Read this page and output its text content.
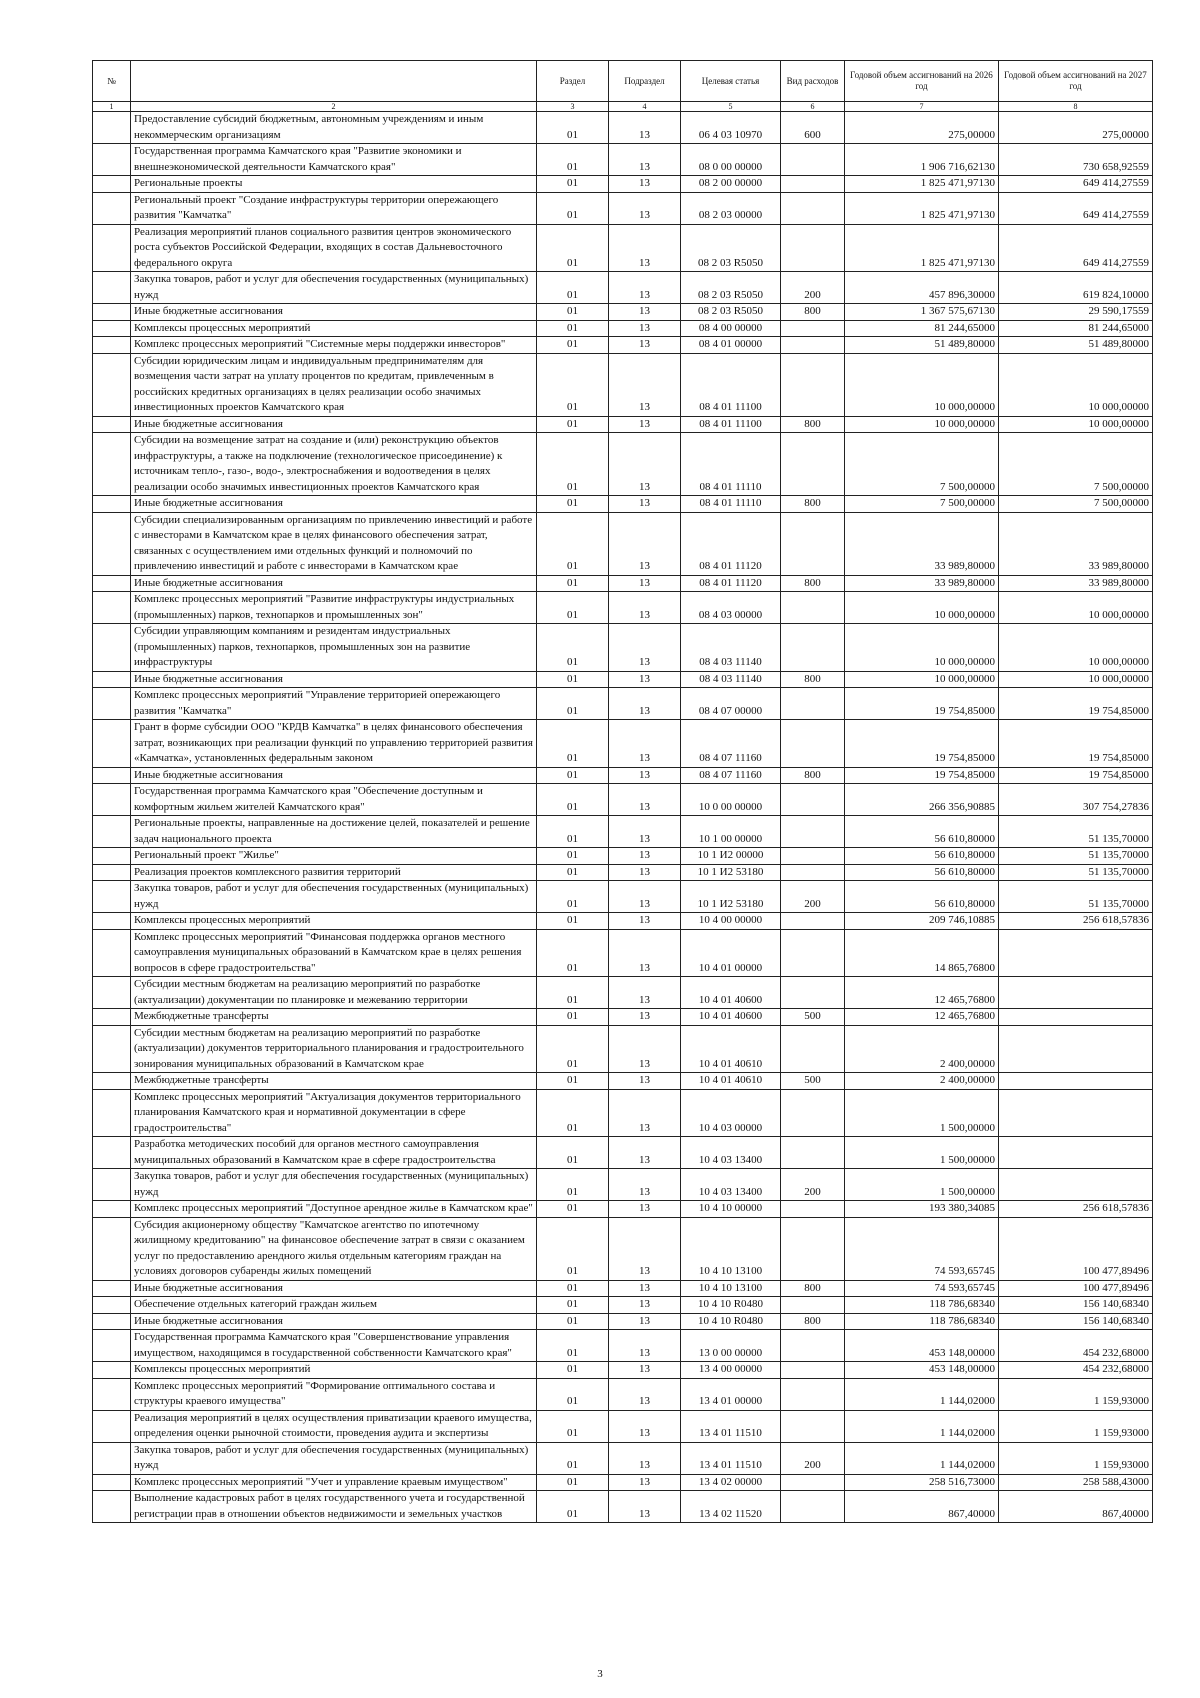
№		Раздел	Подраздел	Целевая статья	Вид расходов	Годовой объем ассигнований на 2026 год	Годовой объем ассигнований на 2027 год
1	2	3	4	5	6	7	8
	Предоставление субсидий бюджетным, автономным учреждениям и иным некоммерческим организациям	01	13	06 4 03 10970	600	275,00000	275,00000
	Государственная программа Камчатского края "Развитие экономики и внешнеэкономической деятельности Камчатского края"	01	13	08 0 00 00000		1 906 716,62130	730 658,92559
	Региональные проекты	01	13	08 2 00 00000		1 825 471,97130	649 414,27559
	Региональный проект "Создание инфраструктуры территории опережающего развития "Камчатка"	01	13	08 2 03 00000		1 825 471,97130	649 414,27559
	Реализация мероприятий планов социального развития центров экономического роста субъектов Российской Федерации, входящих в состав Дальневосточного федерального округа	01	13	08 2 03 R5050		1 825 471,97130	649 414,27559
	Закупка товаров, работ и услуг для обеспечения государственных (муниципальных) нужд	01	13	08 2 03 R5050	200	457 896,30000	619 824,10000
	Иные бюджетные ассигнования	01	13	08 2 03 R5050	800	1 367 575,67130	29 590,17559
	Комплексы процессных мероприятий	01	13	08 4 00 00000		81 244,65000	81 244,65000
	Комплекс процессных мероприятий "Системные меры поддержки инвесторов"	01	13	08 4 01 00000		51 489,80000	51 489,80000
	Субсидии юридическим лицам и индивидуальным предпринимателям для возмещения части затрат на уплату процентов по кредитам, привлеченным в российских кредитных организациях в целях реализации особо значимых инвестиционных проектов Камчатского края	01	13	08 4 01 11100		10 000,00000	10 000,00000
	Иные бюджетные ассигнования	01	13	08 4 01 11100	800	10 000,00000	10 000,00000
	Субсидии на возмещение затрат на создание и (или) реконструкцию объектов инфраструктуры, а также на подключение (технологическое присоединение) к источникам тепло-, газо-, водо-, электроснабжения и водоотведения в целях реализации особо значимых инвестиционных проектов Камчатского края	01	13	08 4 01 11110		7 500,00000	7 500,00000
	Иные бюджетные ассигнования	01	13	08 4 01 11110	800	7 500,00000	7 500,00000
	Субсидии специализированным организациям по привлечению инвестиций и работе с инвесторами в Камчатском крае в целях финансового обеспечения затрат, связанных с осуществлением ими отдельных функций и полномочий по привлечению инвестиций и работе с инвесторами в Камчатском крае	01	13	08 4 01 11120		33 989,80000	33 989,80000
	Иные бюджетные ассигнования	01	13	08 4 01 11120	800	33 989,80000	33 989,80000
	Комплекс процессных мероприятий "Развитие инфраструктуры индустриальных (промышленных) парков, технопарков и промышленных зон"	01	13	08 4 03 00000		10 000,00000	10 000,00000
	Субсидии управляющим компаниям и резидентам индустриальных (промышленных) парков, технопарков, промышленных зон на развитие инфраструктуры	01	13	08 4 03 11140		10 000,00000	10 000,00000
	Иные бюджетные ассигнования	01	13	08 4 03 11140	800	10 000,00000	10 000,00000
	Комплекс процессных мероприятий "Управление территорией опережающего развития "Камчатка"	01	13	08 4 07 00000		19 754,85000	19 754,85000
	Грант в форме субсидии ООО "КРДВ Камчатка" в целях финансового обеспечения затрат, возникающих при реализации функций по управлению территорией развития «Камчатка», установленных федеральным законом	01	13	08 4 07 11160		19 754,85000	19 754,85000
	Иные бюджетные ассигнования	01	13	08 4 07 11160	800	19 754,85000	19 754,85000
	Государственная программа Камчатского края "Обеспечение доступным и комфортным жильем жителей Камчатского края"	01	13	10 0 00 00000		266 356,90885	307 754,27836
	Региональные проекты, направленные на достижение целей, показателей и решение задач национального проекта	01	13	10 1 00 00000		56 610,80000	51 135,70000
	Региональный проект "Жилье"	01	13	10 1 И2 00000		56 610,80000	51 135,70000
	Реализация проектов комплексного развития территорий	01	13	10 1 И2 53180		56 610,80000	51 135,70000
	Закупка товаров, работ и услуг для обеспечения государственных (муниципальных) нужд	01	13	10 1 И2 53180	200	56 610,80000	51 135,70000
	Комплексы процессных мероприятий	01	13	10 4 00 00000		209 746,10885	256 618,57836
	Комплекс процессных мероприятий "Финансовая поддержка органов местного самоуправления муниципальных образований в Камчатском крае в целях решения вопросов в сфере градостроительства"	01	13	10 4 01 00000		14 865,76800	
	Субсидии местным бюджетам на реализацию мероприятий по разработке (актуализации) документации по планировке и межеванию территории	01	13	10 4 01 40600		12 465,76800	
	Межбюджетные трансферты	01	13	10 4 01 40600	500	12 465,76800	
	Субсидии местным бюджетам на реализацию мероприятий по разработке (актуализации) документов территориального планирования и градостроительного зонирования муниципальных образований в Камчатском крае	01	13	10 4 01 40610		2 400,00000	
	Межбюджетные трансферты	01	13	10 4 01 40610	500	2 400,00000	
	Комплекс процессных мероприятий "Актуализация документов территориального планирования Камчатского края и нормативной документации в сфере градостроительства"	01	13	10 4 03 00000		1 500,00000	
	Разработка методических пособий для органов местного самоуправления муниципальных образований в Камчатском крае в сфере градостроительства	01	13	10 4 03 13400		1 500,00000	
	Закупка товаров, работ и услуг для обеспечения государственных (муниципальных) нужд	01	13	10 4 03 13400	200	1 500,00000	
	Комплекс процессных мероприятий "Доступное арендное жилье в Камчатском крае"	01	13	10 4 10 00000		193 380,34085	256 618,57836
	Субсидия акционерному обществу "Камчатское агентство по ипотечному жилищному кредитованию" на финансовое обеспечение затрат в связи с оказанием услуг по предоставлению арендного жилья отдельным категориям граждан на условиях договоров субаренды жилых помещений	01	13	10 4 10 13100		74 593,65745	100 477,89496
	Иные бюджетные ассигнования	01	13	10 4 10 13100	800	74 593,65745	100 477,89496
	Обеспечение отдельных категорий граждан жильем	01	13	10 4 10 R0480		118 786,68340	156 140,68340
	Иные бюджетные ассигнования	01	13	10 4 10 R0480	800	118 786,68340	156 140,68340
	Государственная программа Камчатского края "Совершенствование управления имуществом, находящимся в государственной собственности Камчатского края"	01	13	13 0 00 00000		453 148,00000	454 232,68000
	Комплексы процессных мероприятий	01	13	13 4 00 00000		453 148,00000	454 232,68000
	Комплекс процессных мероприятий "Формирование оптимального состава и структуры краевого имущества"	01	13	13 4 01 00000		1 144,02000	1 159,93000
	Реализация мероприятий в целях осуществления приватизации краевого имущества, определения оценки рыночной стоимости, проведения аудита и экспертизы	01	13	13 4 01 11510		1 144,02000	1 159,93000
	Закупка товаров, работ и услуг для обеспечения государственных (муниципальных) нужд	01	13	13 4 01 11510	200	1 144,02000	1 159,93000
	Комплекс процессных мероприятий "Учет и управление краевым имуществом"	01	13	13 4 02 00000		258 516,73000	258 588,43000
	Выполнение кадастровых работ в целях государственного учета и государственной регистрации прав в отношении объектов недвижимости и земельных участков	01	13	13 4 02 11520		867,40000	867,40000
3
